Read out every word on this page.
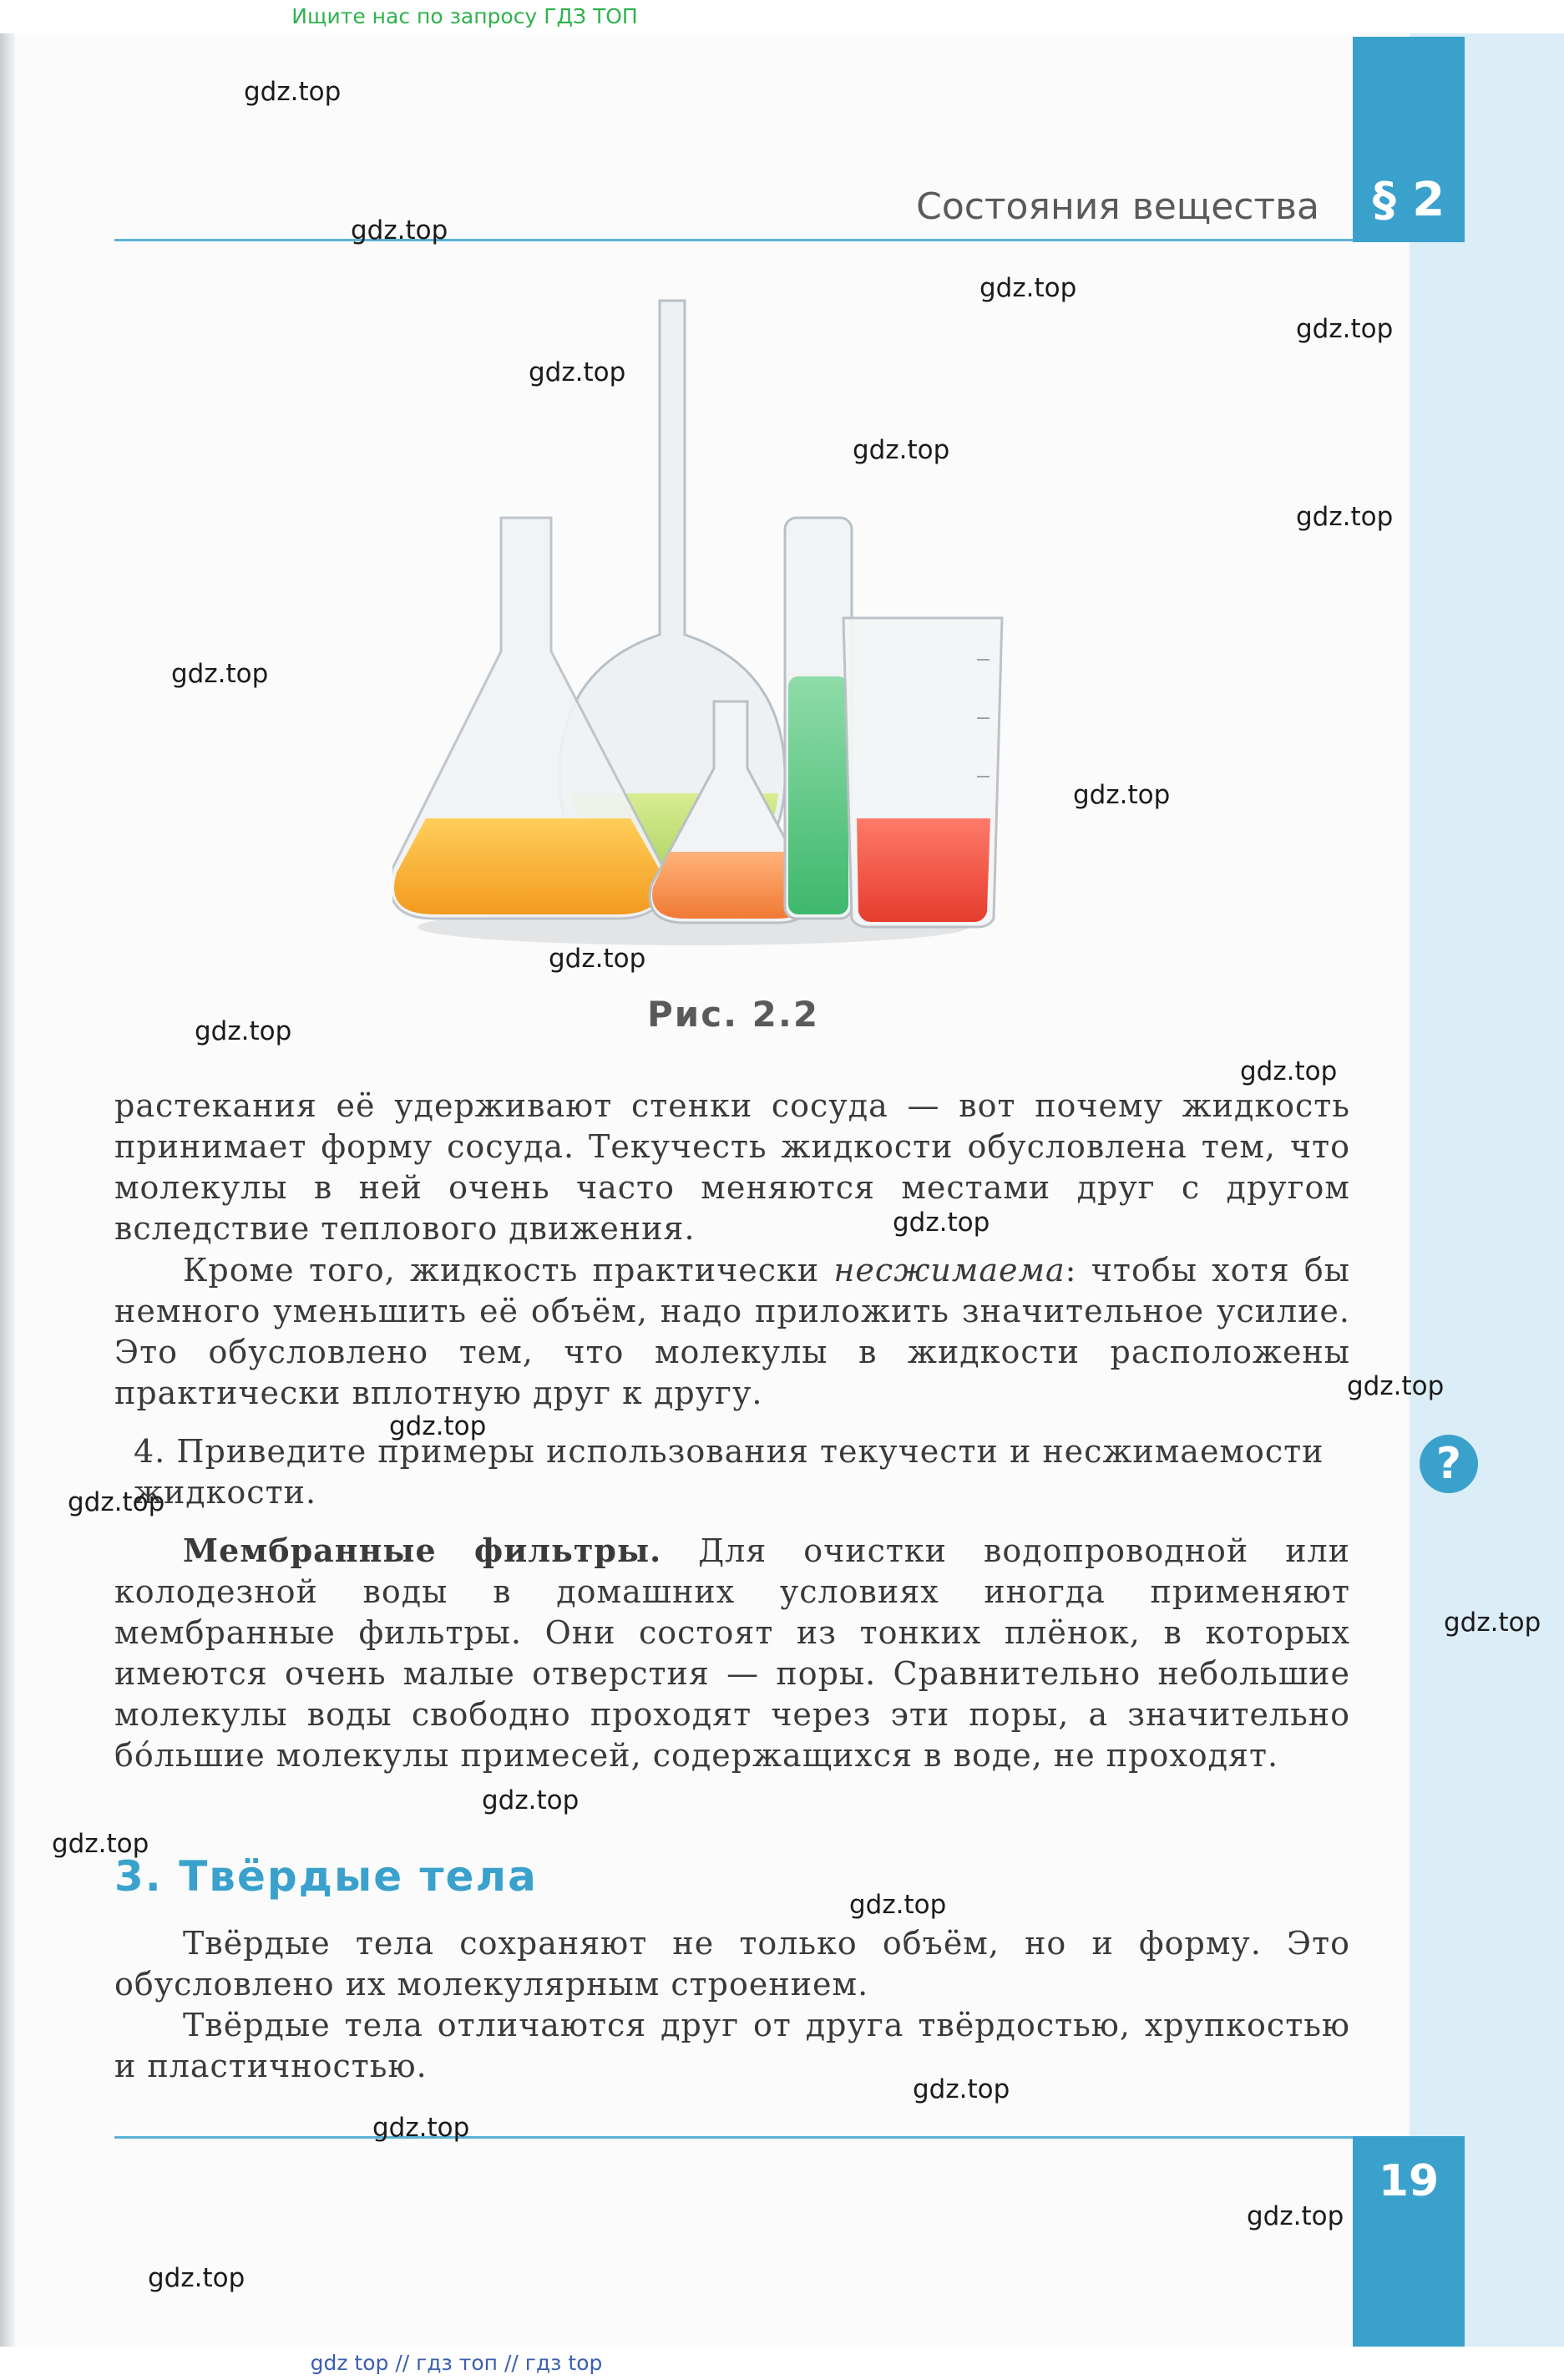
§ 2
Состояния вещества
Рис. 2.2

растекания её удерживают стенки сосуда — вот почему жидкость принимает форму сосуда. Текучесть жидкости обусловлена тем, что молекулы в ней очень часто меняются местами друг с другом вследствие теплового движения.

Кроме того, жидкость практически несжимаема: чтобы хотя бы немного уменьшить её объём, надо приложить значительное усилие. Это обусловлено тем, что молекулы в жидкости расположены практически вплотную друг к другу.

4. Приведите примеры использования текучести и несжимаемости жидкости.

?

Мембранные фильтры. Для очистки водопроводной или колодезной воды в домашних условиях иногда применяют мембранные фильтры. Они состоят из тонких плёнок, в которых имеются очень малые отверстия — поры. Сравнительно небольшие молекулы воды свободно проходят через эти поры, а значительно бóльшие молекулы примесей, содержащихся в воде, не проходят.

3. Твёрдые тела

Твёрдые тела сохраняют не только объём, но и форму. Это обусловлено их молекулярным строением.

Твёрдые тела отличаются друг от друга твёрдостью, хрупкостью и пластичностью.

19
gdz.top
gdz.top
gdz.top
gdz.top
gdz.top
gdz.top
gdz.top
gdz.top
gdz.top
gdz.top
gdz.top
gdz.top
gdz.top
gdz.top
gdz.top
gdz.top
gdz.top
gdz.top
gdz.top
gdz.top
gdz.top
gdz.top
gdz.top
gdz.top
Ищите нас по запросу ГДЗ ТОП
gdz top // гдз топ // гдз top
